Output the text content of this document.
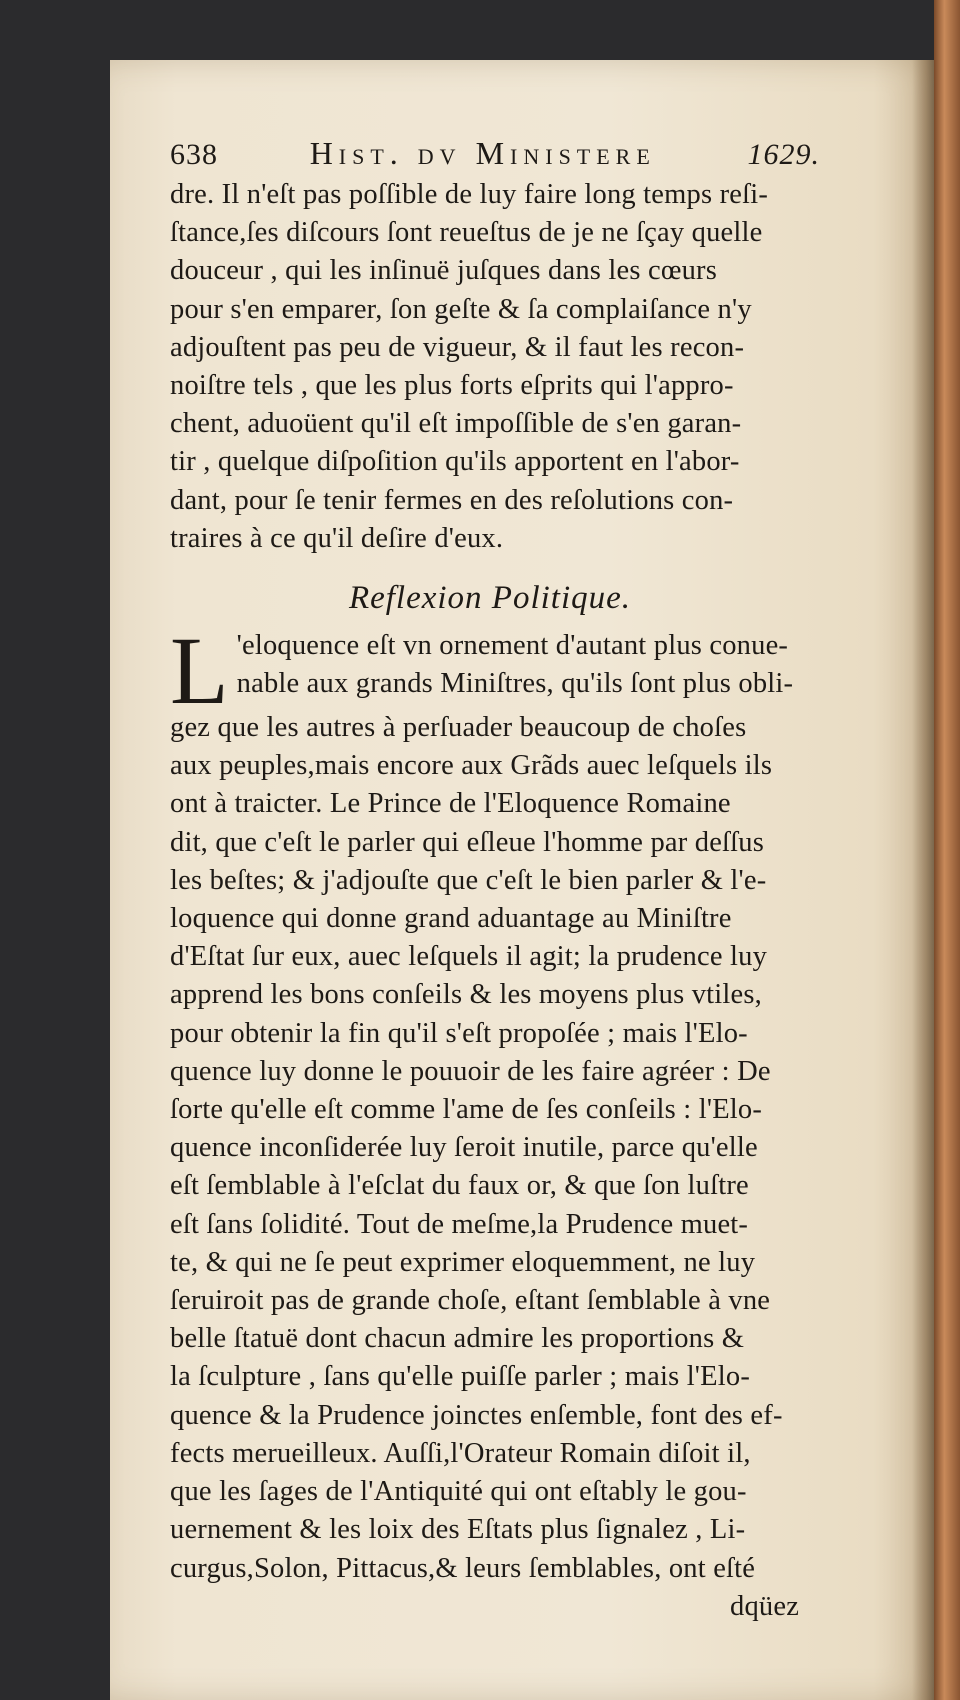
638	Hist. dv Ministere	1629.
dre. Il n'eſt pas poſſible de luy faire long temps reſi-
ſtance,ſes diſcours ſont reueſtus de je ne ſçay quelle
douceur , qui les inſinuë juſques dans les cœurs
pour s'en emparer, ſon geſte & ſa complaiſance n'y
adjouſtent pas peu de vigueur, & il faut les recon-
noiſtre tels , que les plus forts eſprits qui l'appro-
chent, aduoüent qu'il eſt impoſſible de s'en garan-
tir , quelque diſpoſition qu'ils apportent en l'abor-
dant, pour ſe tenir fermes en des reſolutions con-
traires à ce qu'il deſire d'eux.
Reflexion Politique.
L 'eloquence eſt vn ornement d'autant plus conue-
nable aux grands Miniſtres, qu'ils ſont plus obli-
gez que les autres à perſuader beaucoup de choſes
aux peuples,mais encore aux Grãds auec leſquels ils
ont à traicter. Le Prince de l'Eloquence Romaine
dit, que c'eſt le parler qui eſleue l'homme par deſſus
les beſtes; & j'adjouſte que c'eſt le bien parler & l'e-
loquence qui donne grand aduantage au Miniſtre
d'Eſtat ſur eux, auec leſquels il agit; la prudence luy
apprend les bons conſeils & les moyens plus vtiles,
pour obtenir la fin qu'il s'eſt propoſée ; mais l'Elo-
quence luy donne le pouuoir de les faire agréer : De
ſorte qu'elle eſt comme l'ame de ſes conſeils : l'Elo-
quence inconſiderée luy ſeroit inutile, parce qu'elle
eſt ſemblable à l'eſclat du faux or, & que ſon luſtre
eſt ſans ſolidité. Tout de meſme,la Prudence muet-
te, & qui ne ſe peut exprimer eloquemment, ne luy
ſeruiroit pas de grande choſe, eſtant ſemblable à vne
belle ſtatuë dont chacun admire les proportions &
la ſculpture , ſans qu'elle puiſſe parler ; mais l'Elo-
quence & la Prudence joinctes enſemble, font des ef-
fects merueilleux. Auſſi,l'Orateur Romain diſoit il,
que les ſages de l'Antiquité qui ont eſtably le gou-
uernement & les loix des Eſtats plus ſignalez , Li-
curgus,Solon, Pittacus,& leurs ſemblables, ont eſté
dqüez
